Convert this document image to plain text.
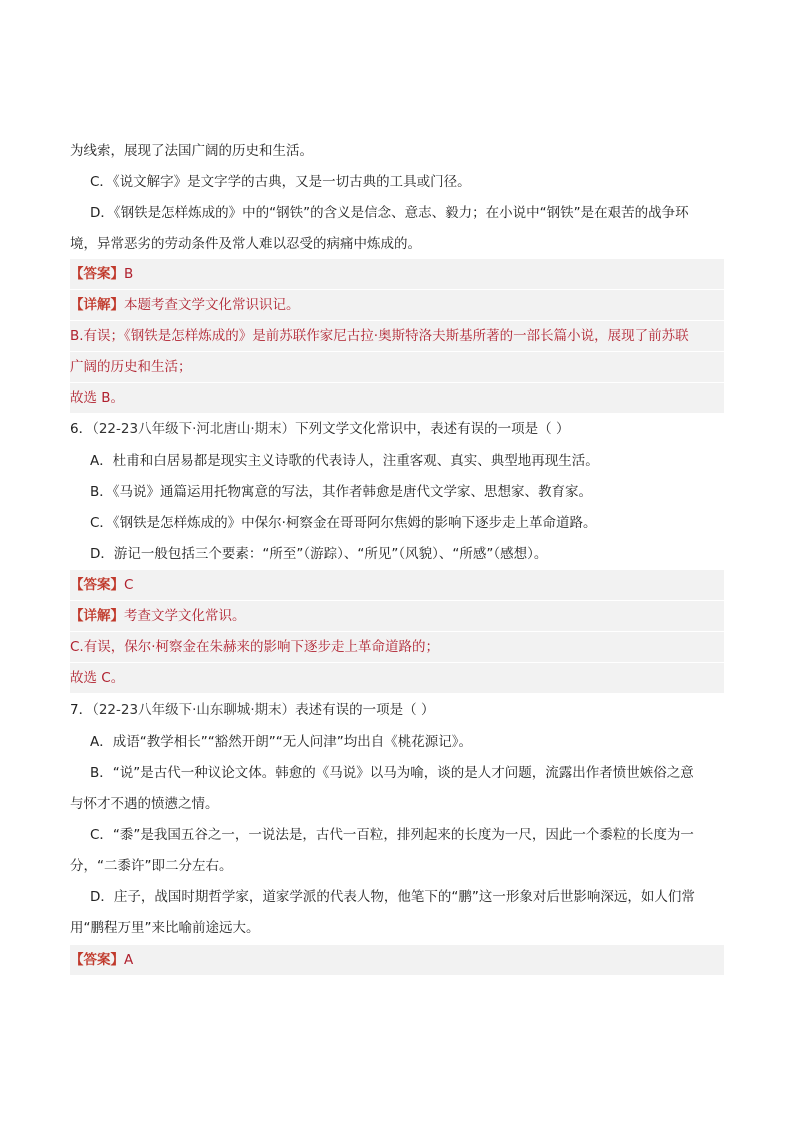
为线索，展现了法国广阔的历史和生活。
C．《说文解字》是文字学的古典，又是一切古典的工具或门径。
D．《钢铁是怎样炼成的》中的“钢铁”的含义是信念、意志、毅力；在小说中“钢铁”是在艰苦的战争环
境，异常恶劣的劳动条件及常人难以忍受的病痛中炼成的。
【答案】B
【详解】本题考查文学文化常识识记。
B.有误；《钢铁是怎样炼成的》是前苏联作家尼古拉·奥斯特洛夫斯基所著的一部长篇小说，展现了前苏联
广阔的历史和生活；
故选 B。
6．（22-23八年级下·河北唐山·期末）下列文学文化常识中，表述有误的一项是（ ）
A．杜甫和白居易都是现实主义诗歌的代表诗人，注重客观、真实、典型地再现生活。
B．《马说》通篇运用托物寓意的写法，其作者韩愈是唐代文学家、思想家、教育家。
C．《钢铁是怎样炼成的》中保尔·柯察金在哥哥阿尔焦姆的影响下逐步走上革命道路。
D．游记一般包括三个要素：“所至”（游踪）、“所见”（风貌）、“所感”（感想）。
【答案】C
【详解】考查文学文化常识。
C.有误，保尔·柯察金在朱赫来的影响下逐步走上革命道路的；
故选 C。
7．（22-23八年级下·山东聊城·期末）表述有误的一项是（ ）
A．成语“教学相长”“豁然开朗”“无人问津”均出自《桃花源记》。
B．“说”是古代一种议论文体。韩愈的《马说》以马为喻，谈的是人才问题，流露出作者愤世嫉俗之意
与怀才不遇的愤懑之情。
C．“黍”是我国五谷之一，一说法是，古代一百粒，排列起来的长度为一尺，因此一个黍粒的长度为一
分，“二黍许”即二分左右。
D．庄子，战国时期哲学家，道家学派的代表人物，他笔下的“鹏”这一形象对后世影响深远，如人们常
用“鹏程万里”来比喻前途远大。
【答案】A
